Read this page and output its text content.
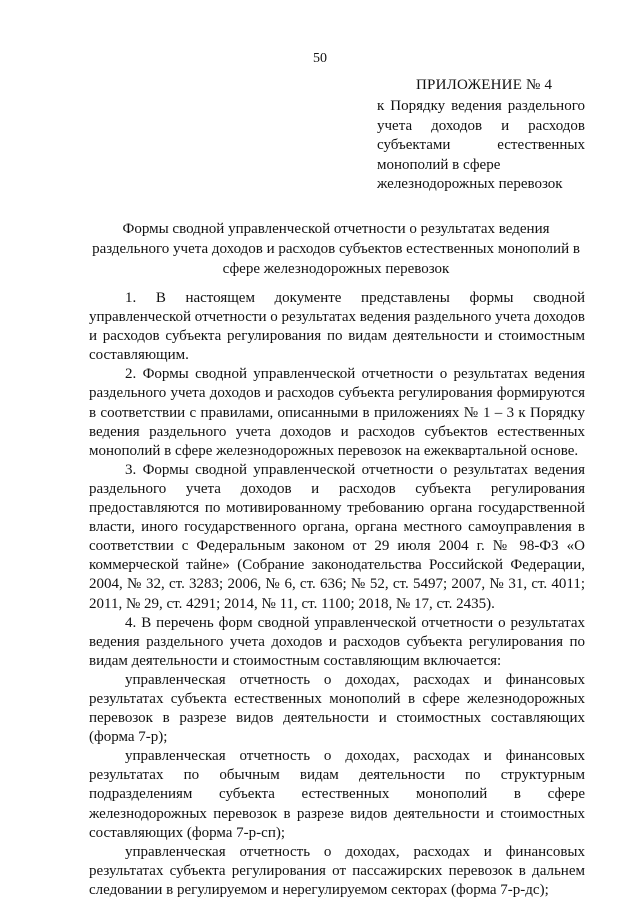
50
ПРИЛОЖЕНИЕ № 4
к Порядку ведения раздельного учета доходов и расходов субъектами естественных монополий в сфере
железнодорожных перевозок
Формы сводной управленческой отчетности о результатах ведения раздельного учета доходов и расходов субъектов естественных монополий в сфере железнодорожных перевозок

1. В настоящем документе представлены формы сводной управленческой отчетности о результатах ведения раздельного учета доходов и расходов субъекта регулирования по видам деятельности и стоимостным составляющим.

2. Формы сводной управленческой отчетности о результатах ведения раздельного учета доходов и расходов субъекта регулирования формируются в соответствии с правилами, описанными в приложениях № 1 – 3 к Порядку ведения раздельного учета доходов и расходов субъектов естественных монополий в сфере железнодорожных перевозок на ежеквартальной основе.

3. Формы сводной управленческой отчетности о результатах ведения раздельного учета доходов и расходов субъекта регулирования предоставляются по мотивированному требованию органа государственной власти, иного государственного органа, органа местного самоуправления в соответствии с Федеральным законом от 29 июля 2004 г. № 98-ФЗ «О коммерческой тайне» (Собрание законодательства Российской Федерации, 2004, № 32, ст. 3283; 2006, № 6, ст. 636; № 52, ст. 5497; 2007, № 31, ст. 4011; 2011, № 29, ст. 4291; 2014, № 11, ст. 1100; 2018, № 17, ст. 2435).

4. В перечень форм сводной управленческой отчетности о результатах ведения раздельного учета доходов и расходов субъекта регулирования по видам деятельности и стоимостным составляющим включается:

управленческая отчетность о доходах, расходах и финансовых результатах субъекта естественных монополий в сфере железнодорожных перевозок в разрезе видов деятельности и стоимостных составляющих (форма 7-р);

управленческая отчетность о доходах, расходах и финансовых результатах по обычным видам деятельности по структурным подразделениям субъекта естественных монополий в сфере железнодорожных перевозок в разрезе видов деятельности и стоимостных составляющих (форма 7-р-сп);

управленческая отчетность о доходах, расходах и финансовых результатах субъекта регулирования от пассажирских перевозок в дальнем следовании в регулируемом и нерегулируемом секторах (форма 7-р-дс);
